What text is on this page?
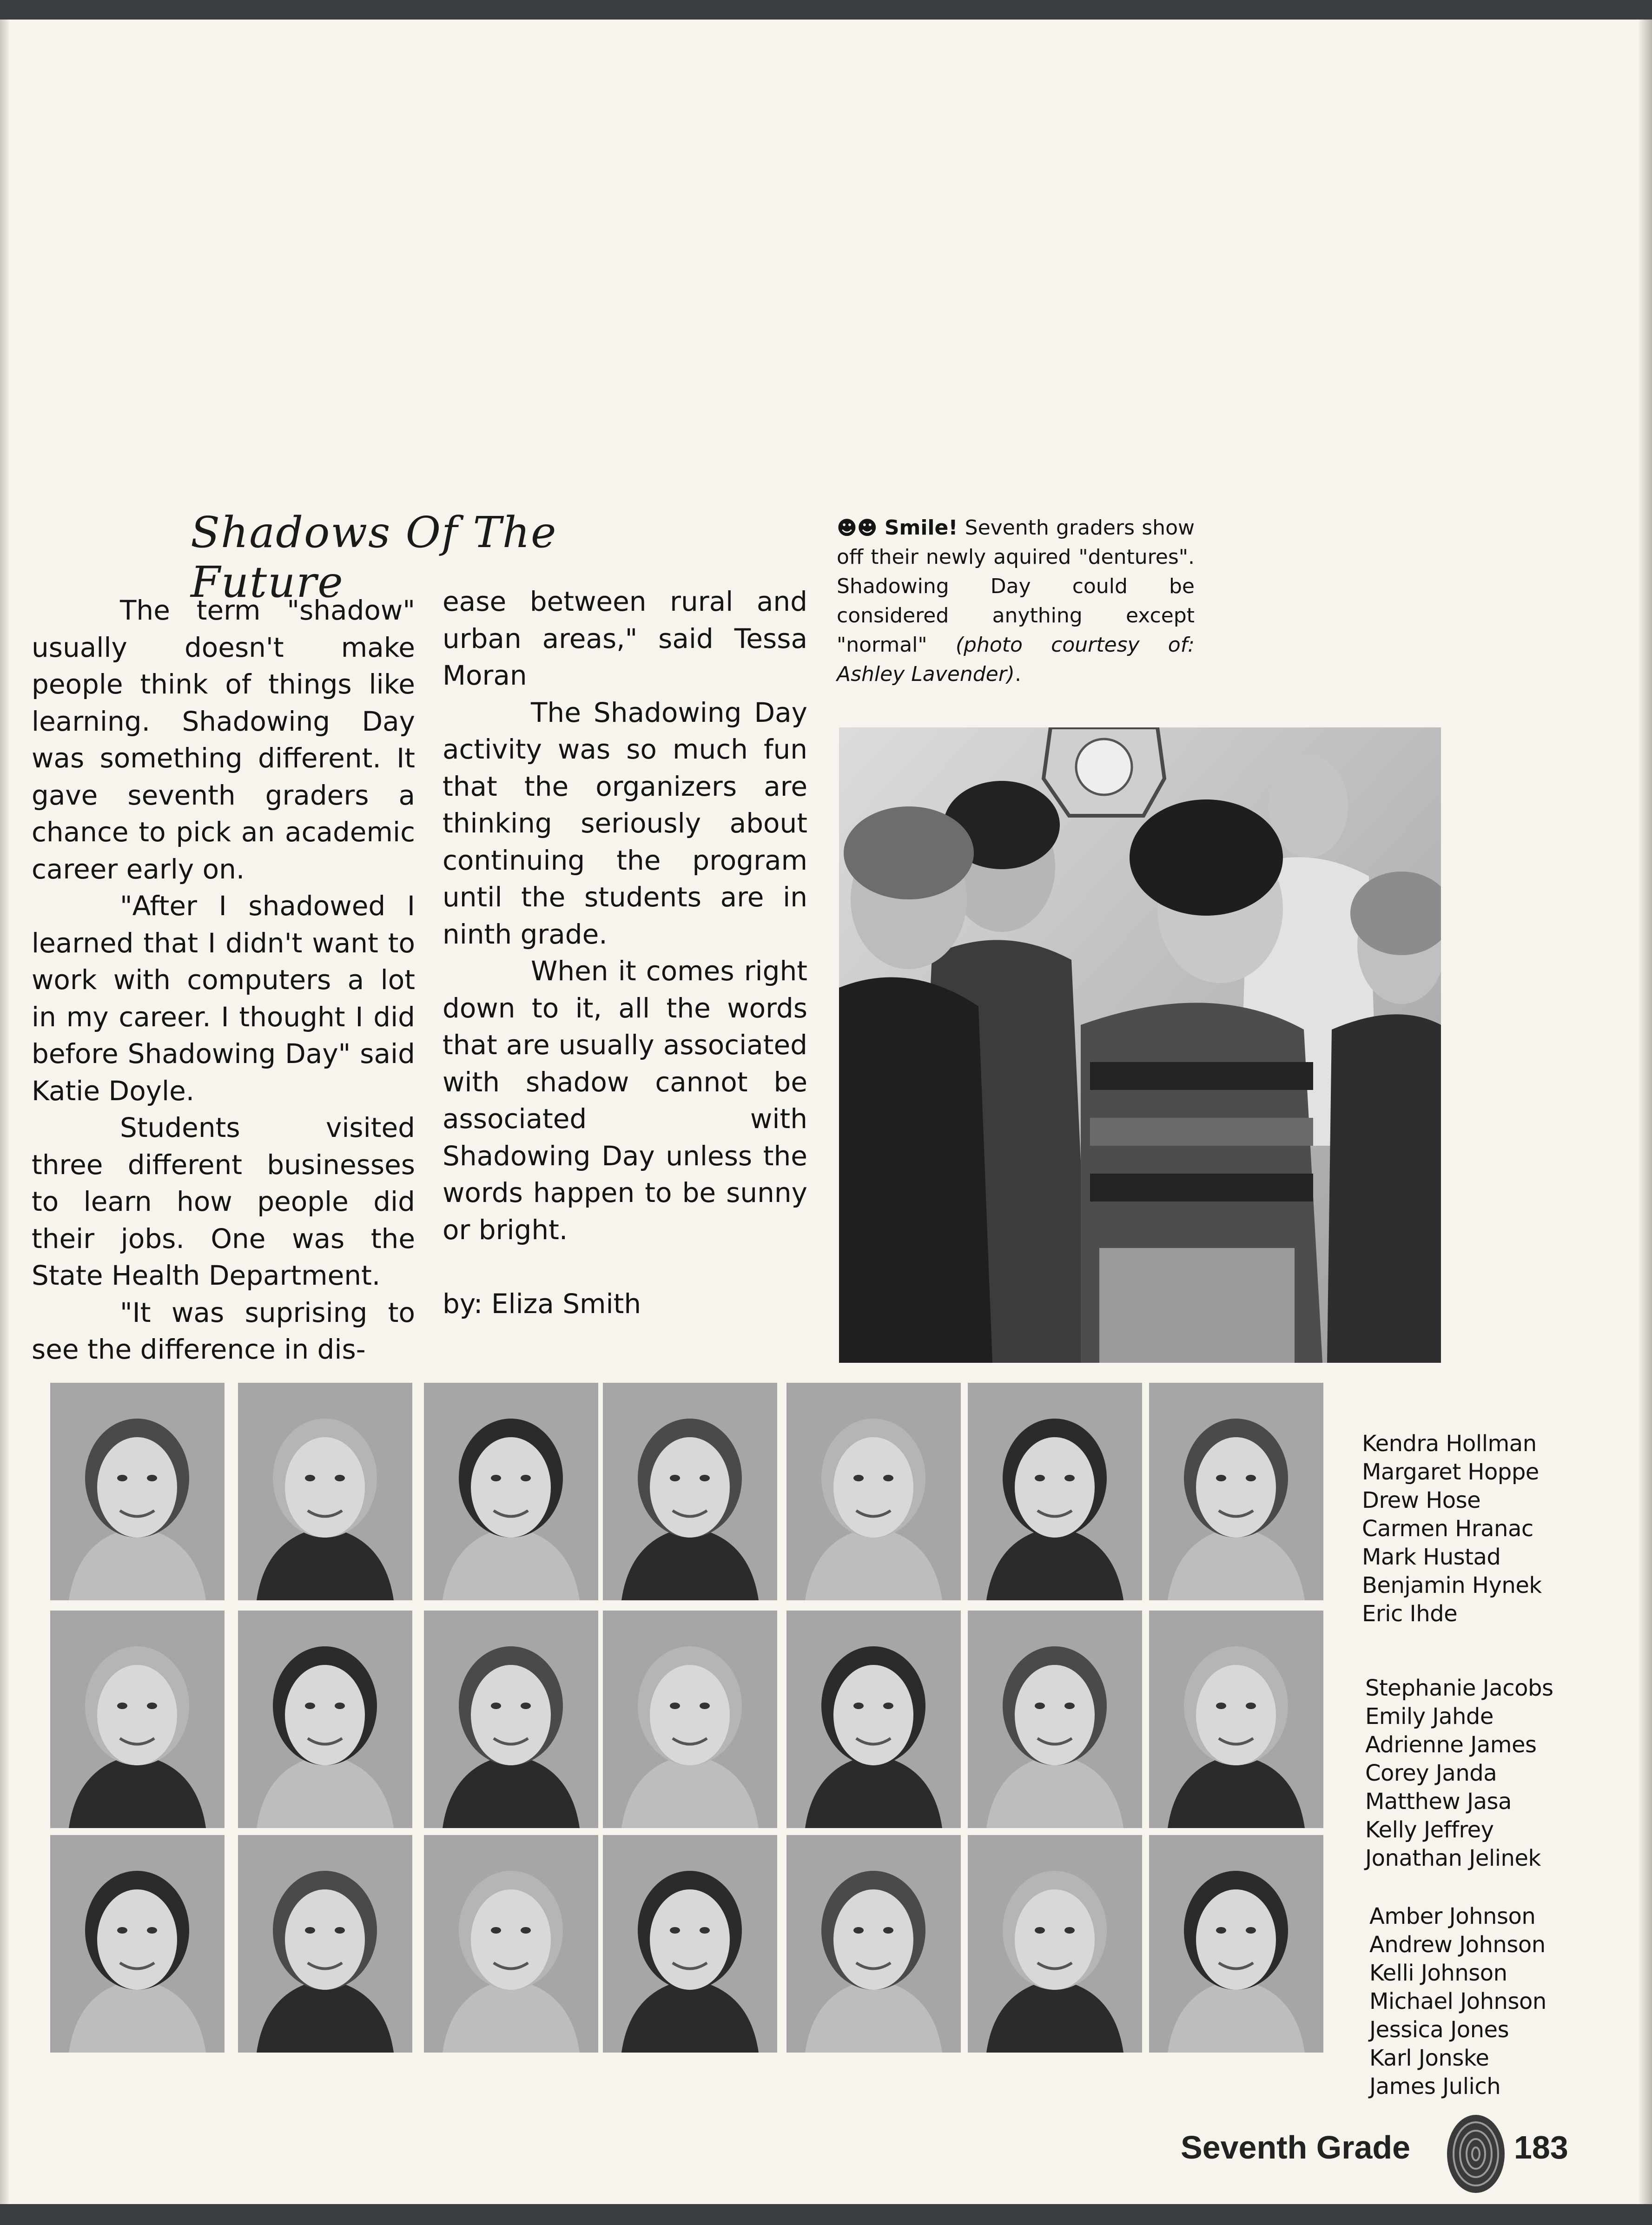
Shadows Of The Future

The term "shadow" usually doesn't make people think of things like learning. Shadowing Day was something different. It gave seventh graders a chance to pick an academic career early on.

"After I shadowed I learned that I didn't want to work with computers a lot in my career. I thought I did before Shadowing Day" said Katie Doyle.

Students visited three different businesses to learn how people did their jobs. One was the State Health Department.

"It was suprising to see the difference in dis-

ease between rural and urban areas," said Tessa Moran

The Shadowing Day activity was so much fun that the organizers are thinking seriously about continuing the program until the students are in ninth grade.

When it comes right down to it, all the words that are usually associated with shadow cannot be associated with Shadowing Day unless the words happen to be sunny or bright.

by: Eliza Smith

☻☻ Smile! Seventh graders show off their newly aquired "dentures". Shadowing Day could be considered anything except "normal" (photo courtesy of: Ashley Lavender).
Kendra Hollman
Margaret Hoppe
Drew Hose
Carmen Hranac
Mark Hustad
Benjamin Hynek
Eric Ihde
Stephanie Jacobs
Emily Jahde
Adrienne James
Corey Janda
Matthew Jasa
Kelly Jeffrey
Jonathan Jelinek
Amber Johnson
Andrew Johnson
Kelli Johnson
Michael Johnson
Jessica Jones
Karl Jonske
James Julich
Seventh Grade	183
